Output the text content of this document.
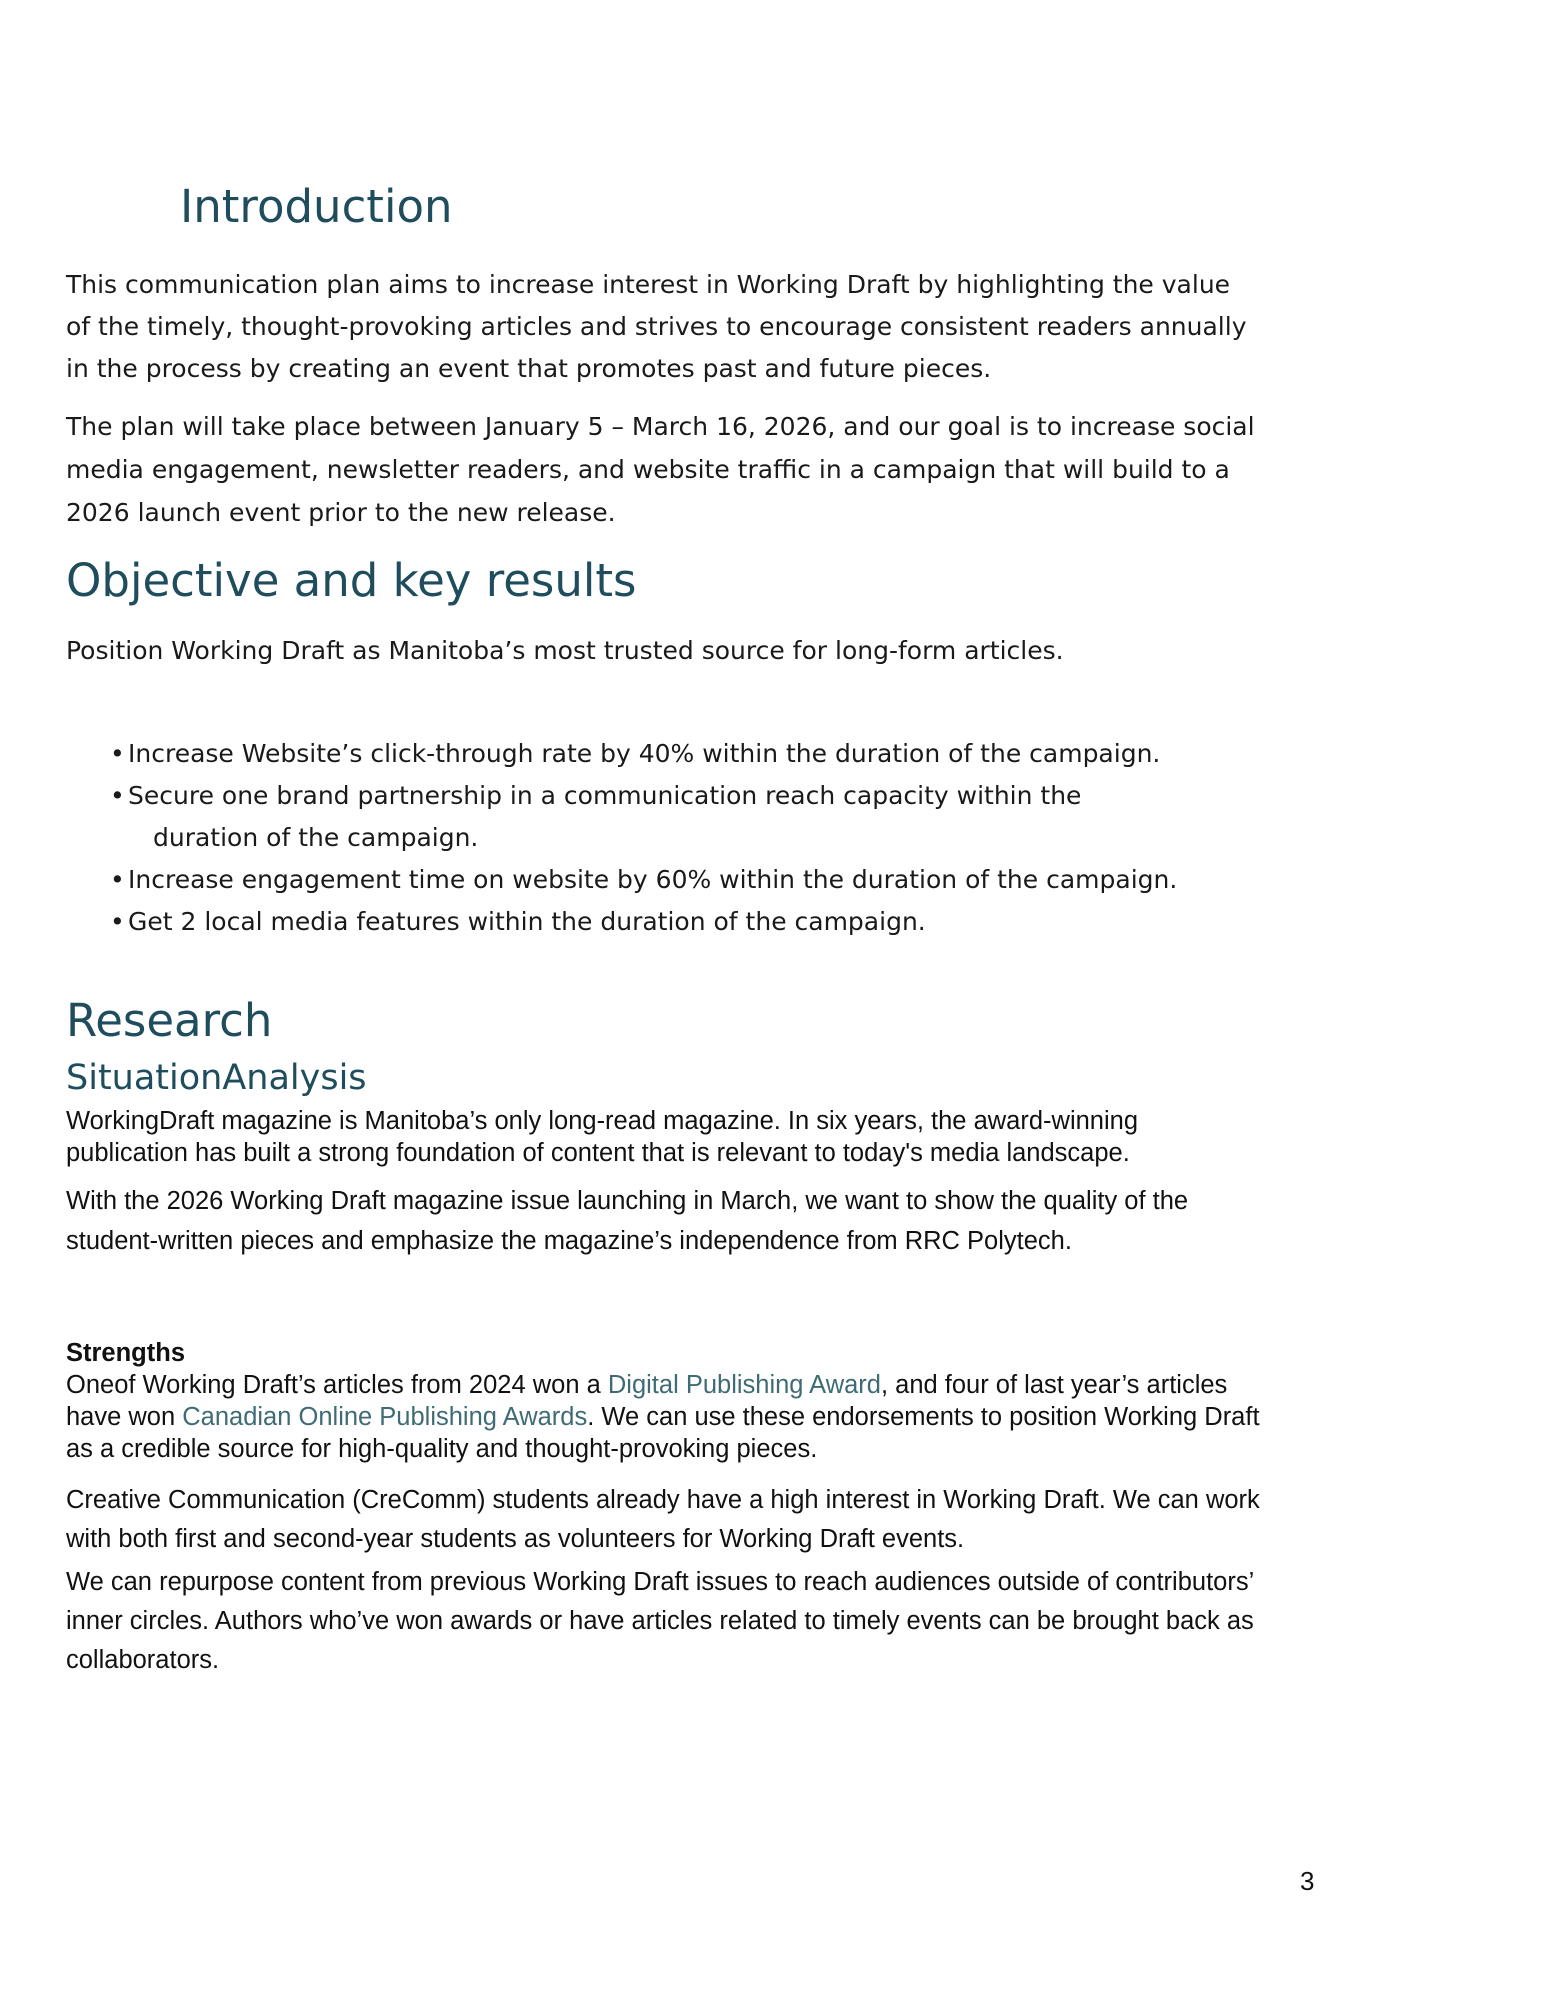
Introduction

This communication plan aims to increase interest in Working Draft by highlighting the value of the timely, thought-provoking articles and strives to encourage consistent readers annually in the process by creating an event that promotes past and future pieces.

The plan will take place between January 5 – March 16, 2026, and our goal is to increase social media engagement, newsletter readers, and website traffic in a campaign that will build to a 2026 launch event prior to the new release.

Objective and key results

Position Working Draft as Manitoba’s most trusted source for long-form articles.

• Increase Website’s click-through rate by 40% within the duration of the campaign.
• Secure one brand partnership in a communication reach capacity within the
duration of the campaign.
• Increase engagement time on website by 60% within the duration of the campaign.
• Get 2 local media features within the duration of the campaign.
Research
SituationAnalysis

WorkingDraft magazine is Manitoba’s only long-read magazine. In six years, the award-winning publication has built a strong foundation of content that is relevant to today's media landscape.

With the 2026 Working Draft magazine issue launching in March, we want to show the quality of the student-written pieces and emphasize the magazine’s independence from RRC Polytech.

Strengths

Oneof Working Draft’s articles from 2024 won a Digital Publishing Award, and four of last year’s articles have won Canadian Online Publishing Awards. We can use these endorsements to position Working Draft as a credible source for high-quality and thought-provoking pieces.

Creative Communication (CreComm) students already have a high interest in Working Draft. We can work with both first and second-year students as volunteers for Working Draft events.

We can repurpose content from previous Working Draft issues to reach audiences outside of contributors’ inner circles. Authors who’ve won awards or have articles related to timely events can be brought back as collaborators.

3
